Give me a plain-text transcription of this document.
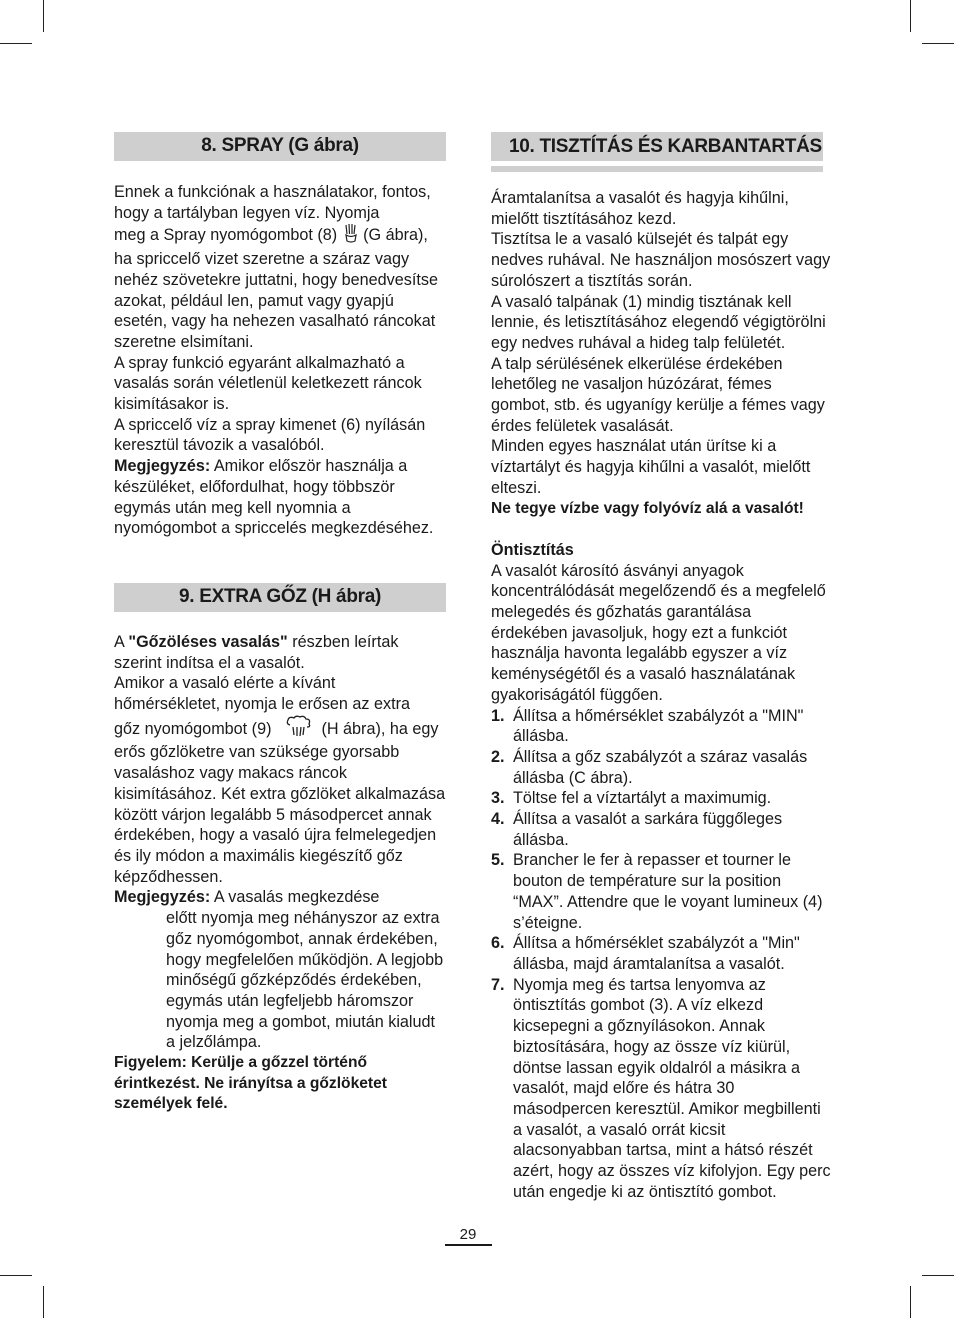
8. SPRAY (G ábra)

Ennek a funkciónak a használatakor, fontos,
hogy a tartályban legyen víz. Nyomja
meg a Spray nyomógombot (8) (G ábra), ha spriccelő vizet szeretne a száraz vagy nehéz szövetekre juttatni, hogy benedvesítse azokat, például len, pamut vagy gyapjú esetén, vagy ha nehezen vasalható ráncokat szeretne elsimítani.

A spray funkció egyaránt alkalmazható a vasalás során véletlenül keletkezett ráncok kisimításakor is.

A spriccelő víz a spray kimenet (6) nyílásán keresztül távozik a vasalóból.

Megjegyzés: Amikor először használja a készüléket, előfordulhat, hogy többször egymás után meg kell nyomnia a nyomógombot a spriccelés megkezdéséhez.

9. EXTRA GŐZ (H ábra)

A "Gőzöléses vasalás" részben leírtak szerint indítsa el a vasalót.

Amikor a vasaló elérte a kívánt
hőmérsékletet, nyomja le erősen az extra
gőz nyomógombot (9)	(H ábra), ha egy erős gőzlöketre van szüksége gyorsabb vasaláshoz vagy makacs ráncok kisimításához. Két extra gőzlöket alkalmazása között várjon legalább 5 másodpercet annak érdekében, hogy a vasaló újra felmelegedjen és ily módon a maximális kiegészítő gőz képződhessen.

Megjegyzés: A vasalás megkezdése

előtt nyomja meg néhányszor az extra gőz nyomógombot, annak érdekében, hogy megfelelően működjön. A legjobb minőségű gőzképződés érdekében, egymás után legfeljebb háromszor nyomja meg a gombot, miután kialudt a jelzőlámpa.

Figyelem: Kerülje a gőzzel történő érintkezést. Ne irányítsa a gőzlöketet személyek felé.

10. TISZTÍTÁS ÉS KARBANTARTÁS

Áramtalanítsa a vasalót és hagyja kihűlni, mielőtt tisztításához kezd.

Tisztítsa le a vasaló külsejét és talpát egy nedves ruhával. Ne használjon mosószert vagy súrolószert a tisztítás során.

A vasaló talpának (1) mindig tisztának kell lennie, és letisztításához elegendő végigtörölni egy nedves ruhával a hideg talp felületét.

A talp sérülésének elkerülése érdekében lehetőleg ne vasaljon húzózárat, fémes gombot, stb. és ugyanígy kerülje a fémes vagy érdes felületek vasalását.

Minden egyes használat után ürítse ki a víztartályt és hagyja kihűlni a vasalót, mielőtt elteszi.

Ne tegye vízbe vagy folyóvíz alá a vasalót!

Öntisztítás

A vasalót károsító ásványi anyagok koncentrálódását megelőzendő és a megfelelő melegedés és gőzhatás garantálása érdekében javasoljuk, hogy ezt a funkciót használja havonta legalább egyszer a víz keménységétől és a vasaló használatának gyakoriságától függően.

1. Állítsa a hőmérséklet szabályzót a "MIN" állásba.
2. Állítsa a gőz szabályzót a száraz vasalás állásba (C ábra).
3. Töltse fel a víztartályt a maximumig.
4. Állítsa a vasalót a sarkára függőleges állásba.
5. Brancher le fer à repasser et tourner le bouton de température sur la position “MAX”. Attendre que le voyant lumineux (4) s’éteigne.
6. Állítsa a hőmérséklet szabályzót a "Min" állásba, majd áramtalanítsa a vasalót.
7. Nyomja meg és tartsa lenyomva az öntisztítás gombot (3). A víz elkezd kicsepegni a gőznyílásokon. Annak biztosítására, hogy az össze víz kiürül, döntse lassan egyik oldalról a másikra a vasalót, majd előre és hátra 30 másodpercen keresztül. Amikor megbillenti a vasalót, a vasaló orrát kicsit alacsonyabban tartsa, mint a hátsó részét azért, hogy az összes víz kifolyjon. Egy perc után engedje ki az öntisztító gombot.
29
